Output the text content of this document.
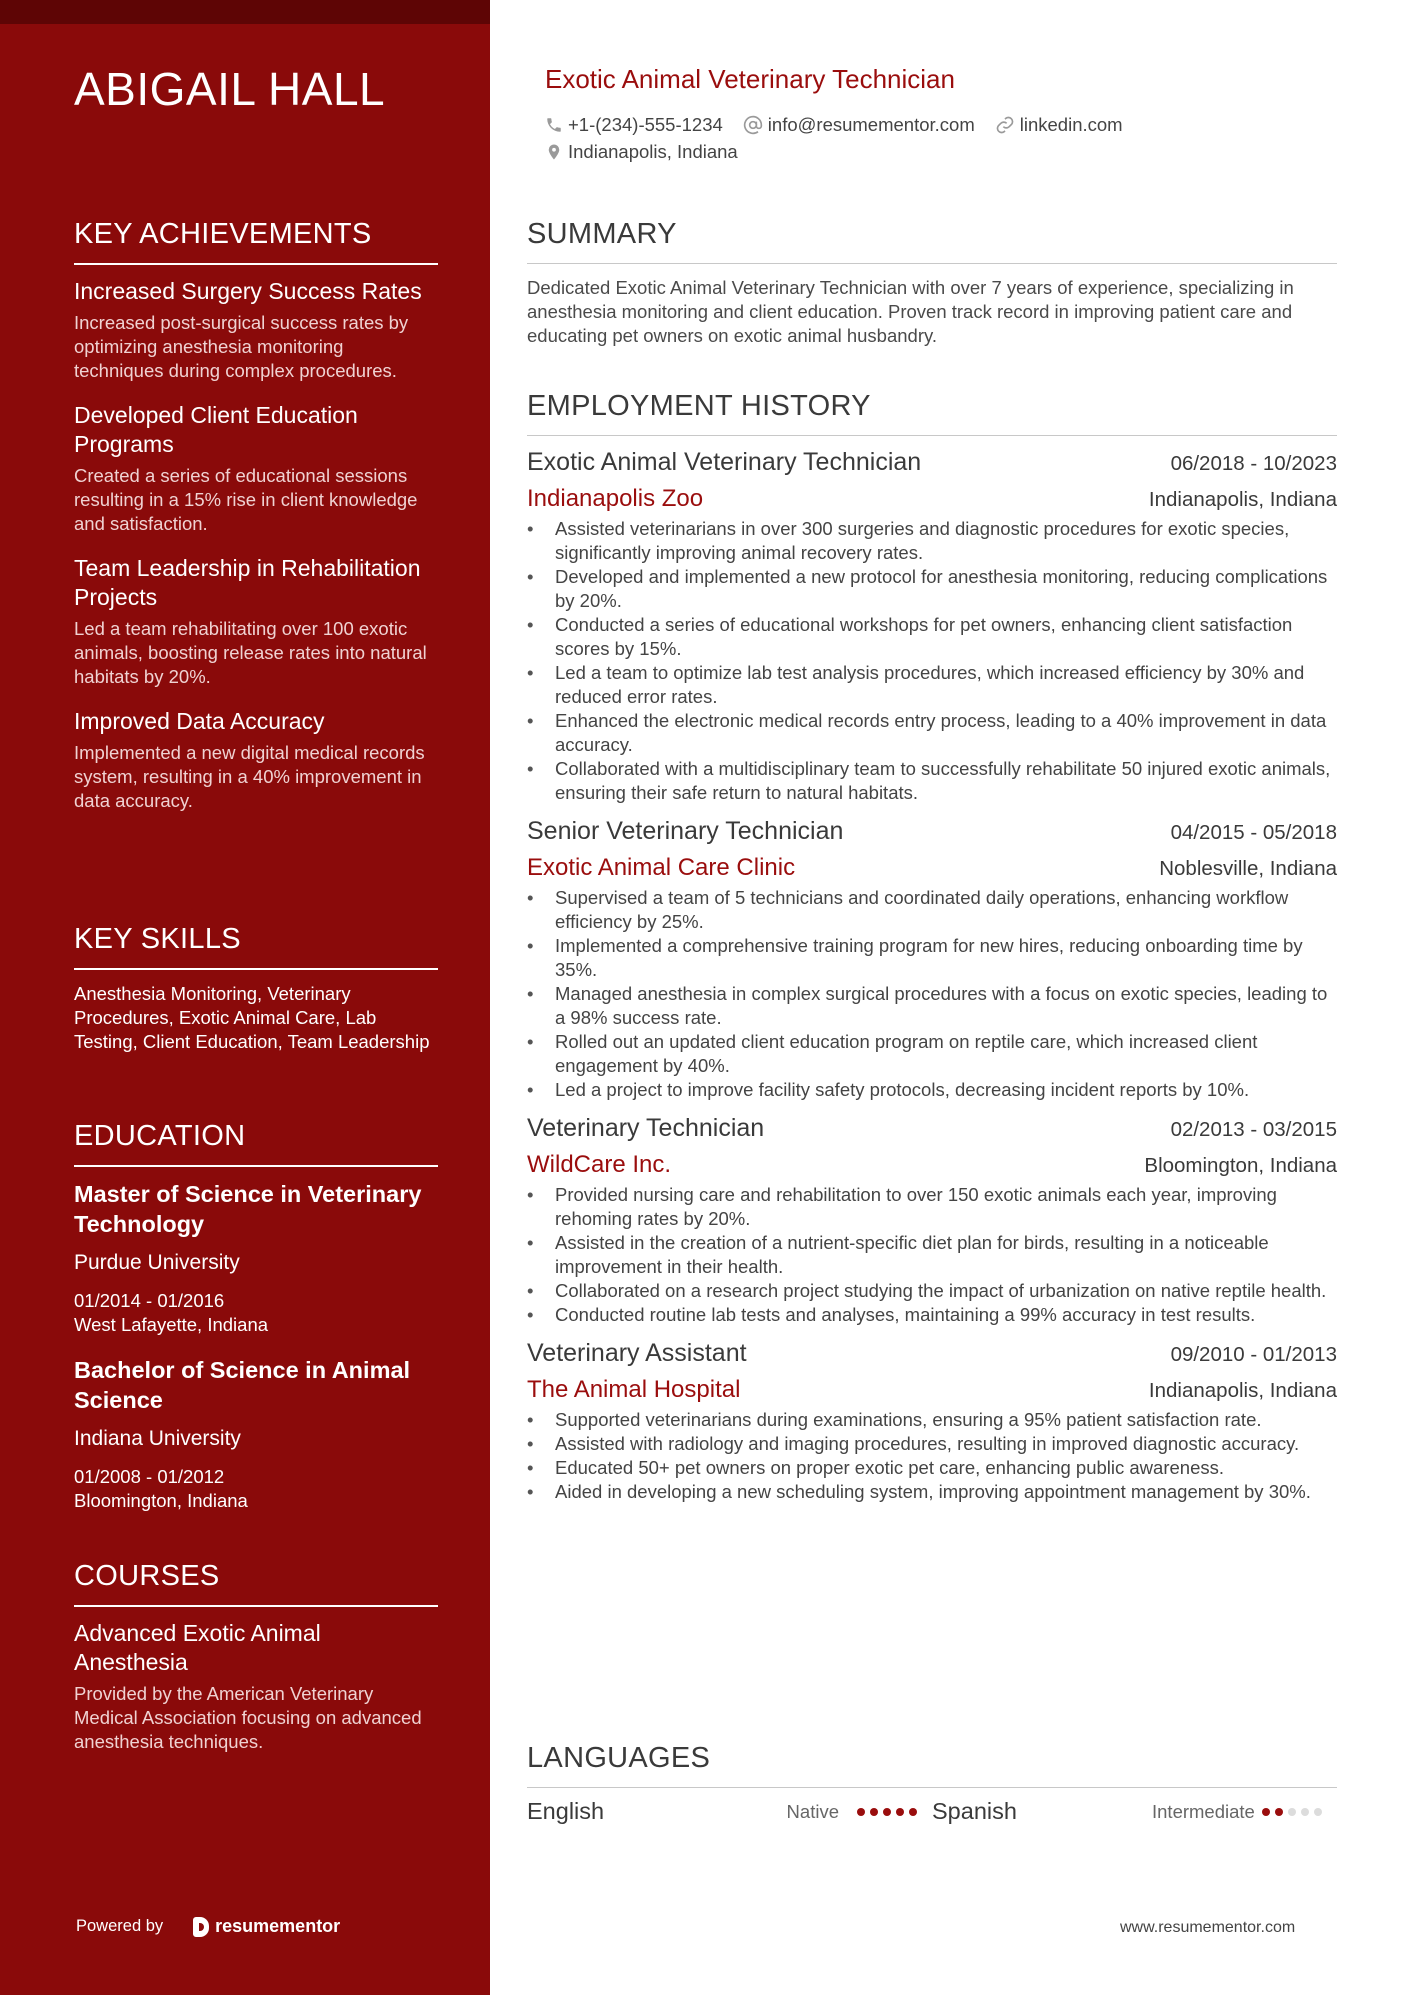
ABIGAIL HALL
KEY ACHIEVEMENTS
Increased Surgery Success Rates
Increased post-surgical success rates by optimizing anesthesia monitoring techniques during complex procedures.
Developed Client Education Programs
Created a series of educational sessions resulting in a 15% rise in client knowledge and satisfaction.
Team Leadership in Rehabilitation Projects
Led a team rehabilitating over 100 exotic animals, boosting release rates into natural habitats by 20%.
Improved Data Accuracy
Implemented a new digital medical records system, resulting in a 40% improvement in data accuracy.
KEY SKILLS
Anesthesia Monitoring, Veterinary Procedures, Exotic Animal Care, Lab Testing, Client Education, Team Leadership
EDUCATION
Master of Science in Veterinary Technology
Purdue University
01/2014 - 01/2016
West Lafayette, Indiana
Bachelor of Science in Animal Science
Indiana University
01/2008 - 01/2012
Bloomington, Indiana
COURSES
Advanced Exotic Animal Anesthesia
Provided by the American Veterinary Medical Association focusing on advanced anesthesia techniques.
Powered by	resumementor
Exotic Animal Veterinary Technician
+1-(234)-555-1234 info@resumementor.com linkedin.com
Indianapolis, Indiana
SUMMARY
Dedicated Exotic Animal Veterinary Technician with over 7 years of experience, specializing in anesthesia monitoring and client education. Proven track record in improving patient care and educating pet owners on exotic animal husbandry.
EMPLOYMENT HISTORY
Exotic Animal Veterinary Technician	06/2018 - 10/2023
Indianapolis Zoo	Indianapolis, Indiana
• Assisted veterinarians in over 300 surgeries and diagnostic procedures for exotic species, significantly improving animal recovery rates.
• Developed and implemented a new protocol for anesthesia monitoring, reducing complications by 20%.
• Conducted a series of educational workshops for pet owners, enhancing client satisfaction scores by 15%.
• Led a team to optimize lab test analysis procedures, which increased efficiency by 30% and reduced error rates.
• Enhanced the electronic medical records entry process, leading to a 40% improvement in data accuracy.
• Collaborated with a multidisciplinary team to successfully rehabilitate 50 injured exotic animals, ensuring their safe return to natural habitats.
Senior Veterinary Technician	04/2015 - 05/2018
Exotic Animal Care Clinic	Noblesville, Indiana
• Supervised a team of 5 technicians and coordinated daily operations, enhancing workflow efficiency by 25%.
• Implemented a comprehensive training program for new hires, reducing onboarding time by 35%.
• Managed anesthesia in complex surgical procedures with a focus on exotic species, leading to a 98% success rate.
• Rolled out an updated client education program on reptile care, which increased client engagement by 40%.
• Led a project to improve facility safety protocols, decreasing incident reports by 10%.
Veterinary Technician	02/2013 - 03/2015
WildCare Inc.	Bloomington, Indiana
• Provided nursing care and rehabilitation to over 150 exotic animals each year, improving rehoming rates by 20%.
• Assisted in the creation of a nutrient-specific diet plan for birds, resulting in a noticeable improvement in their health.
• Collaborated on a research project studying the impact of urbanization on native reptile health.
• Conducted routine lab tests and analyses, maintaining a 99% accuracy in test results.
Veterinary Assistant	09/2010 - 01/2013
The Animal Hospital	Indianapolis, Indiana
• Supported veterinarians during examinations, ensuring a 95% patient satisfaction rate.
• Assisted with radiology and imaging procedures, resulting in improved diagnostic accuracy.
• Educated 50+ pet owners on proper exotic pet care, enhancing public awareness.
• Aided in developing a new scheduling system, improving appointment management by 30%.
LANGUAGES
English	Native	Spanish	Intermediate
www.resumementor.com
